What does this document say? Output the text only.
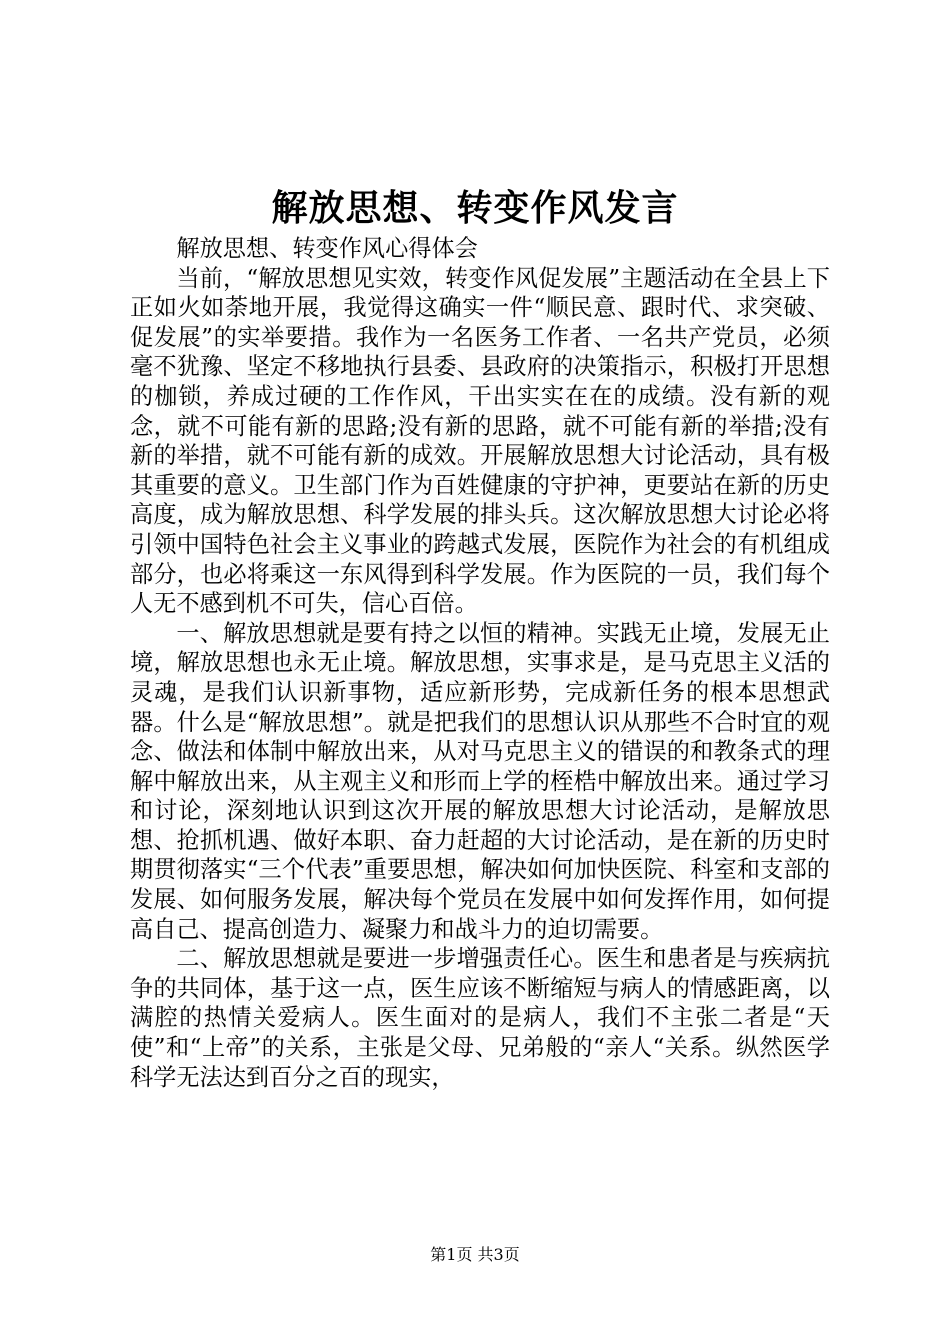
解放思想、转变作风发言

解放思想、转变作风心得体会

当前，“解放思想见实效，转变作风促发展”主题活动在全县上下正如火如荼地开展，我觉得这确实一件“顺民意、跟时代、求突破、促发展”的实举要措。我作为一名医务工作者、一名共产党员，必须毫不犹豫、坚定不移地执行县委、县政府的决策指示，积极打开思想的枷锁，养成过硬的工作作风，干出实实在在的成绩。没有新的观念，就不可能有新的思路;没有新的思路，就不可能有新的举措;没有新的举措，就不可能有新的成效。开展解放思想大讨论活动，具有极其重要的意义。卫生部门作为百姓健康的守护神，更要站在新的历史高度，成为解放思想、科学发展的排头兵。这次解放思想大讨论必将引领中国特色社会主义事业的跨越式发展，医院作为社会的有机组成部分，也必将乘这一东风得到科学发展。作为医院的一员，我们每个人无不感到机不可失，信心百倍。

一、解放思想就是要有持之以恒的精神。实践无止境，发展无止境，解放思想也永无止境。解放思想，实事求是，是马克思主义活的灵魂，是我们认识新事物，适应新形势，完成新任务的根本思想武器。什么是“解放思想”。就是把我们的思想认识从那些不合时宜的观念、做法和体制中解放出来，从对马克思主义的错误的和教条式的理解中解放出来，从主观主义和形而上学的桎梏中解放出来。通过学习和讨论，深刻地认识到这次开展的解放思想大讨论活动，是解放思想、抢抓机遇、做好本职、奋力赶超的大讨论活动，是在新的历史时期贯彻落实“三个代表”重要思想，解决如何加快医院、科室和支部的发展、如何服务发展，解决每个党员在发展中如何发挥作用，如何提高自己、提高创造力、凝聚力和战斗力的迫切需要。

二、解放思想就是要进一步增强责任心。医生和患者是与疾病抗争的共同体，基于这一点，医生应该不断缩短与病人的情感距离，以满腔的热情关爱病人。医生面对的是病人，我们不主张二者是“天使”和“上帝”的关系，主张是父母、兄弟般的“亲人“关系。纵然医学科学无法达到百分之百的现实，

第1页 共3页
